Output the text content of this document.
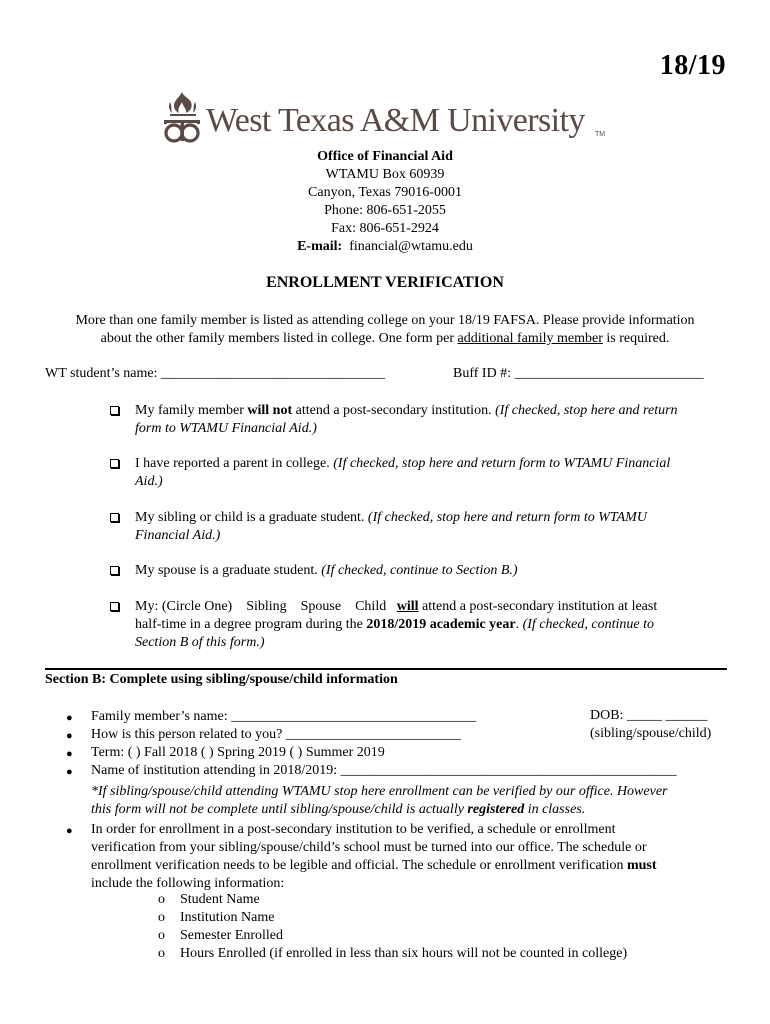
18/19
West Texas A&M University TM
Office of Financial Aid
WTAMU Box 60939
Canyon, Texas 79016-0001
Phone: 806-651-2055
Fax: 806-651-2924
E-mail: financial@wtamu.edu
ENROLLMENT VERIFICATION
More than one family member is listed as attending college on your 18/19 FAFSA. Please provide information
about the other family members listed in college. One form per additional family member is required.
WT student’s name: ________________________________	Buff ID #: ___________________________
My family member will not attend a post-secondary institution. (If checked, stop here and return
form to WTAMU Financial Aid.)
I have reported a parent in college. (If checked, stop here and return form to WTAMU Financial
Aid.)
My sibling or child is a graduate student. (If checked, stop here and return form to WTAMU
Financial Aid.)
My spouse is a graduate student. (If checked, continue to Section B.)
My: (Circle One)    Sibling    Spouse    Child   will attend a post-secondary institution at least
half-time in a degree program during the 2018/2019 academic year. (If checked, continue to
Section B of this form.)
Section B: Complete using sibling/spouse/child information
● Family member’s name: ___________________________________	DOB: _____ ______
● How is this person related to you? _________________________	(sibling/spouse/child)
● Term: ( ) Fall 2018 ( ) Spring 2019 ( ) Summer 2019
● Name of institution attending in 2018/2019: ________________________________________________
*If sibling/spouse/child attending WTAMU stop here enrollment can be verified by our office. However
this form will not be complete until sibling/spouse/child is actually registered in classes.
● In order for enrollment in a post-secondary institution to be verified, a schedule or enrollment
verification from your sibling/spouse/child’s school must be turned into our office. The schedule or
enrollment verification needs to be legible and official. The schedule or enrollment verification must
include the following information:
o Student Name
o Institution Name
o Semester Enrolled
o Hours Enrolled (if enrolled in less than six hours will not be counted in college)
